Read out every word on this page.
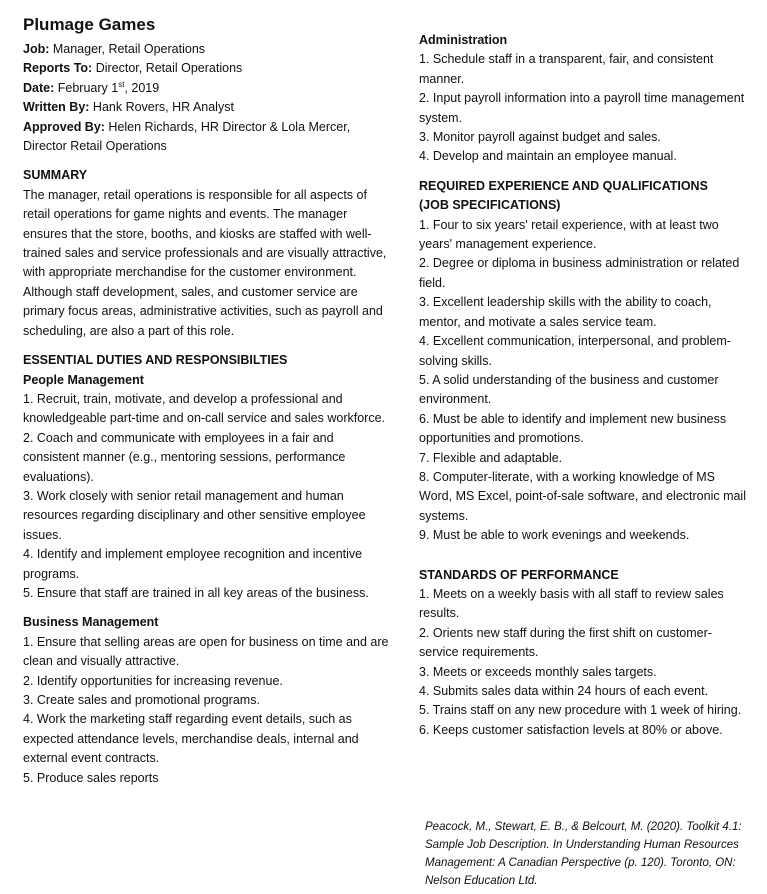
Plumage Games
Job: Manager, Retail Operations
Reports To: Director, Retail Operations
Date: February 1st, 2019
Written By: Hank Rovers, HR Analyst
Approved By: Helen Richards, HR Director & Lola Mercer, Director Retail Operations
SUMMARY
The manager, retail operations is responsible for all aspects of retail operations for game nights and events. The manager ensures that the store, booths, and kiosks are staffed with well-trained sales and service professionals and are visually attractive, with appropriate merchandise for the customer environment. Although staff development, sales, and customer service are primary focus areas, administrative activities, such as payroll and scheduling, are also a part of this role.
ESSENTIAL DUTIES AND RESPONSIBILTIES
People Management
1. Recruit, train, motivate, and develop a professional and knowledgeable part-time and on-call service and sales workforce.
2. Coach and communicate with employees in a fair and consistent manner (e.g., mentoring sessions, performance evaluations).
3. Work closely with senior retail management and human resources regarding disciplinary and other sensitive employee issues.
4. Identify and implement employee recognition and incentive programs.
5. Ensure that staff are trained in all key areas of the business.
Business Management
1. Ensure that selling areas are open for business on time and are clean and visually attractive.
2. Identify opportunities for increasing revenue.
3. Create sales and promotional programs.
4. Work the marketing staff regarding event details, such as expected attendance levels, merchandise deals, internal and external event contracts.
5. Produce sales reports
Administration
1. Schedule staff in a transparent, fair, and consistent manner.
2. Input payroll information into a payroll time management system.
3. Monitor payroll against budget and sales.
4. Develop and maintain an employee manual.
REQUIRED EXPERIENCE AND QUALIFICATIONS
(JOB SPECIFICATIONS)
1. Four to six years' retail experience, with at least two years' management experience.
2. Degree or diploma in business administration or related field.
3. Excellent leadership skills with the ability to coach, mentor, and motivate a sales service team.
4. Excellent communication, interpersonal, and problem-solving skills.
5. A solid understanding of the business and customer environment.
6. Must be able to identify and implement new business opportunities and promotions.
7. Flexible and adaptable.
8. Computer-literate, with a working knowledge of MS Word, MS Excel, point-of-sale software, and electronic mail systems.
9. Must be able to work evenings and weekends.
STANDARDS OF PERFORMANCE
1. Meets on a weekly basis with all staff to review sales results.
2. Orients new staff during the first shift on customer-service requirements.
3. Meets or exceeds monthly sales targets.
4. Submits sales data within 24 hours of each event.
5. Trains staff on any new procedure with 1 week of hiring.
6. Keeps customer satisfaction levels at 80% or above.
Peacock, M., Stewart, E. B., & Belcourt, M. (2020). Toolkit 4.1: Sample Job Description. In Understanding Human Resources Management: A Canadian Perspective (p. 120). Toronto, ON: Nelson Education Ltd.
